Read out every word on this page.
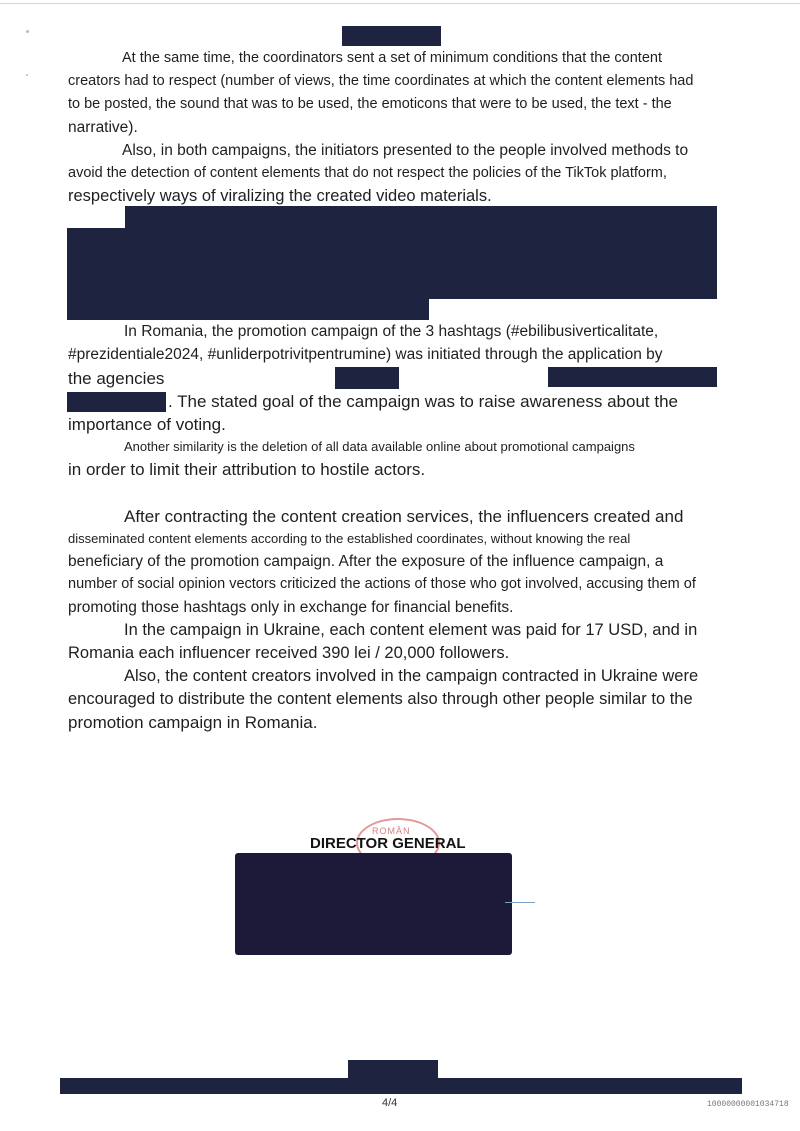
At the same time, the coordinators sent a set of minimum conditions that the content

creators had to respect (number of views, the time coordinates at which the content elements had

to be posted, the sound that was to be used, the emoticons that were to be used, the text - the

narrative).

Also, in both campaigns, the initiators presented to the people involved methods to

avoid the detection of content elements that do not respect the policies of the TikTok platform,

respectively ways of viralizing the created video materials.

In Romania, the promotion campaign of the 3 hashtags (#ebilibusiverticalitate,

#prezidentiale2024, #unliderpotrivitpentrumine) was initiated through the application by

the agencies

. The stated goal of the campaign was to raise awareness about the

importance of voting.

Another similarity is the deletion of all data available online about promotional campaigns

in order to limit their attribution to hostile actors.

After contracting the content creation services, the influencers created and

disseminated content elements according to the established coordinates, without knowing the real

beneficiary of the promotion campaign. After the exposure of the influence campaign, a

number of social opinion vectors criticized the actions of those who got involved, accusing them of

promoting those hashtags only in exchange for financial benefits.

In the campaign in Ukraine, each content element was paid for 17 USD, and in

Romania each influencer received 390 lei / 20,000 followers.

Also, the content creators involved in the campaign contracted in Ukraine were

encouraged to distribute the content elements also through other people similar to the

promotion campaign in Romania.

ROMÂN
DIRECTOR GENERAL
4/4	1000000000103471​8
